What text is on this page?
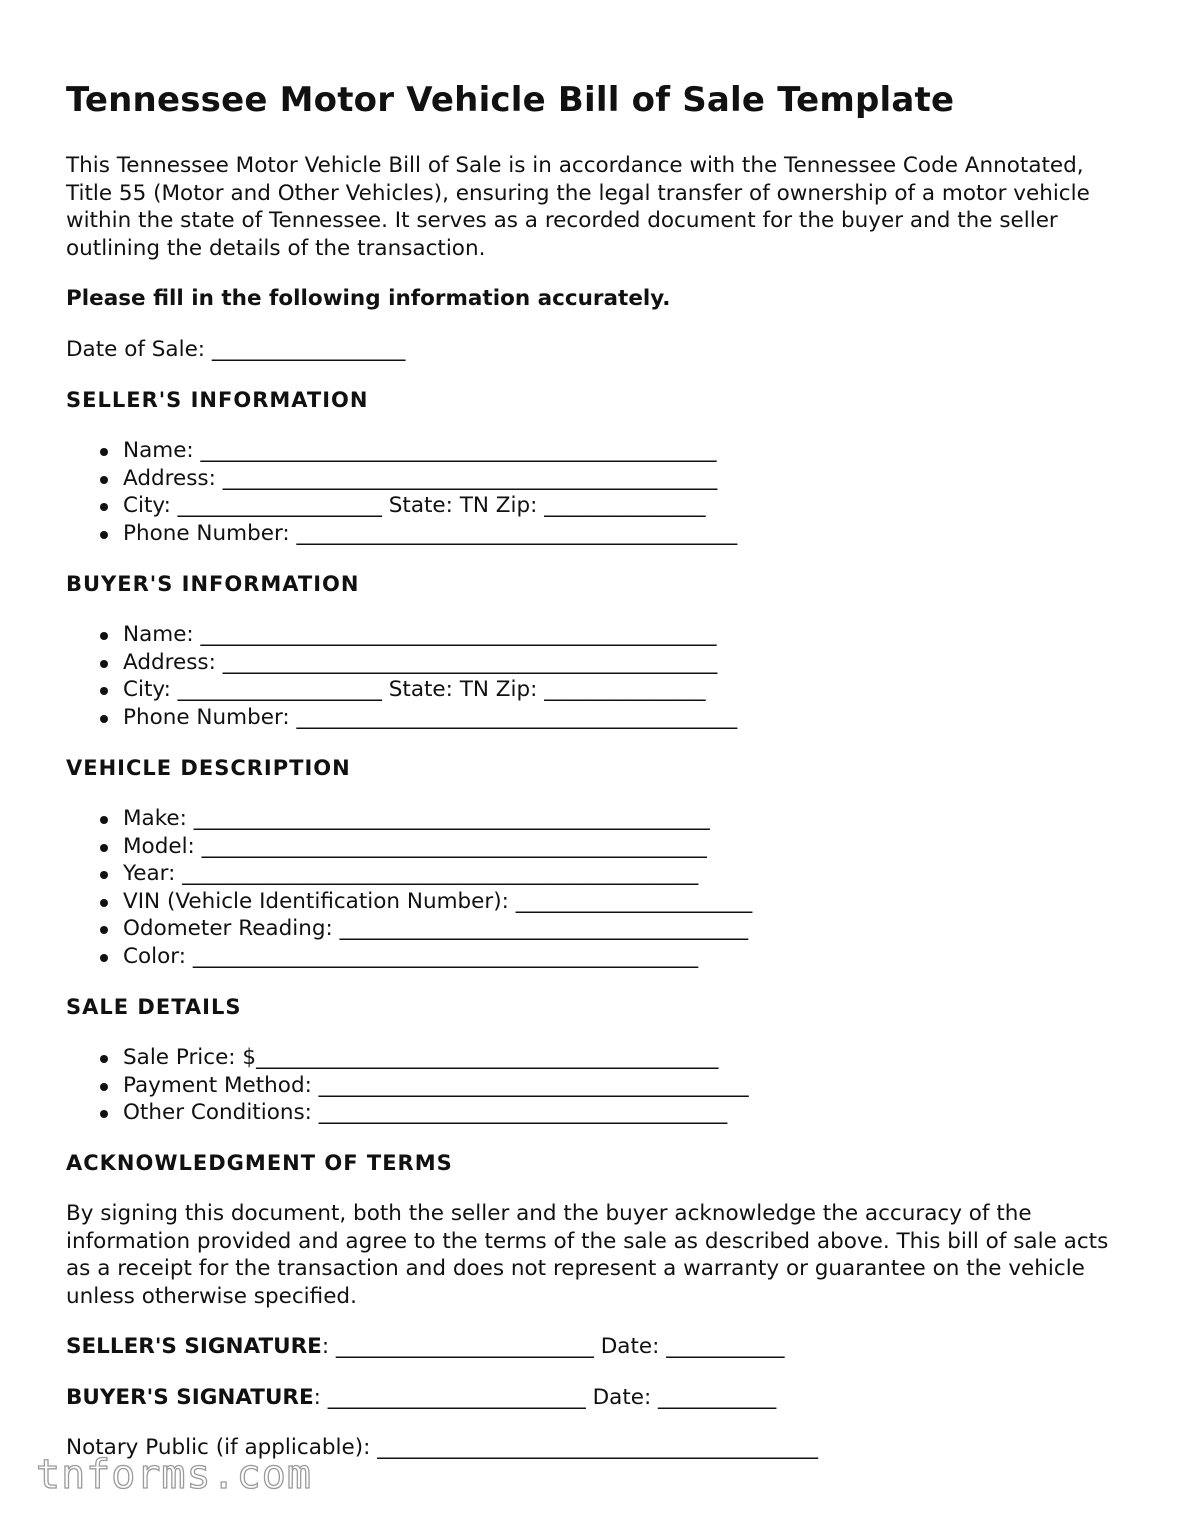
Tennessee Motor Vehicle Bill of Sale Template

This Tennessee Motor Vehicle Bill of Sale is in accordance with the Tennessee Code Annotated, Title 55 (Motor and Other Vehicles), ensuring the legal transfer of ownership of a motor vehicle within the state of Tennessee. It serves as a recorded document for the buyer and the seller outlining the details of the transaction.

Please fill in the following information accurately.

Date of Sale: __________________

SELLER'S INFORMATION
Name: ________________________________________________
Address: ______________________________________________
City: ___________________ State: TN Zip: _______________
Phone Number: _________________________________________
BUYER'S INFORMATION
Name: ________________________________________________
Address: ______________________________________________
City: ___________________ State: TN Zip: _______________
Phone Number: _________________________________________
VEHICLE DESCRIPTION
Make: ________________________________________________
Model: _______________________________________________
Year: ________________________________________________
VIN (Vehicle Identification Number): ______________________
Odometer Reading: ______________________________________
Color: _______________________________________________
SALE DETAILS
Sale Price: $___________________________________________
Payment Method: ________________________________________
Other Conditions: ______________________________________
ACKNOWLEDGMENT OF TERMS

By signing this document, both the seller and the buyer acknowledge the accuracy of the information provided and agree to the terms of the sale as described above. This bill of sale acts as a receipt for the transaction and does not represent a warranty or guarantee on the vehicle unless otherwise specified.

SELLER'S SIGNATURE: ________________________ Date: ___________

BUYER'S SIGNATURE: ________________________ Date: ___________

Notary Public (if applicable): _________________________________________

tnforms.com
